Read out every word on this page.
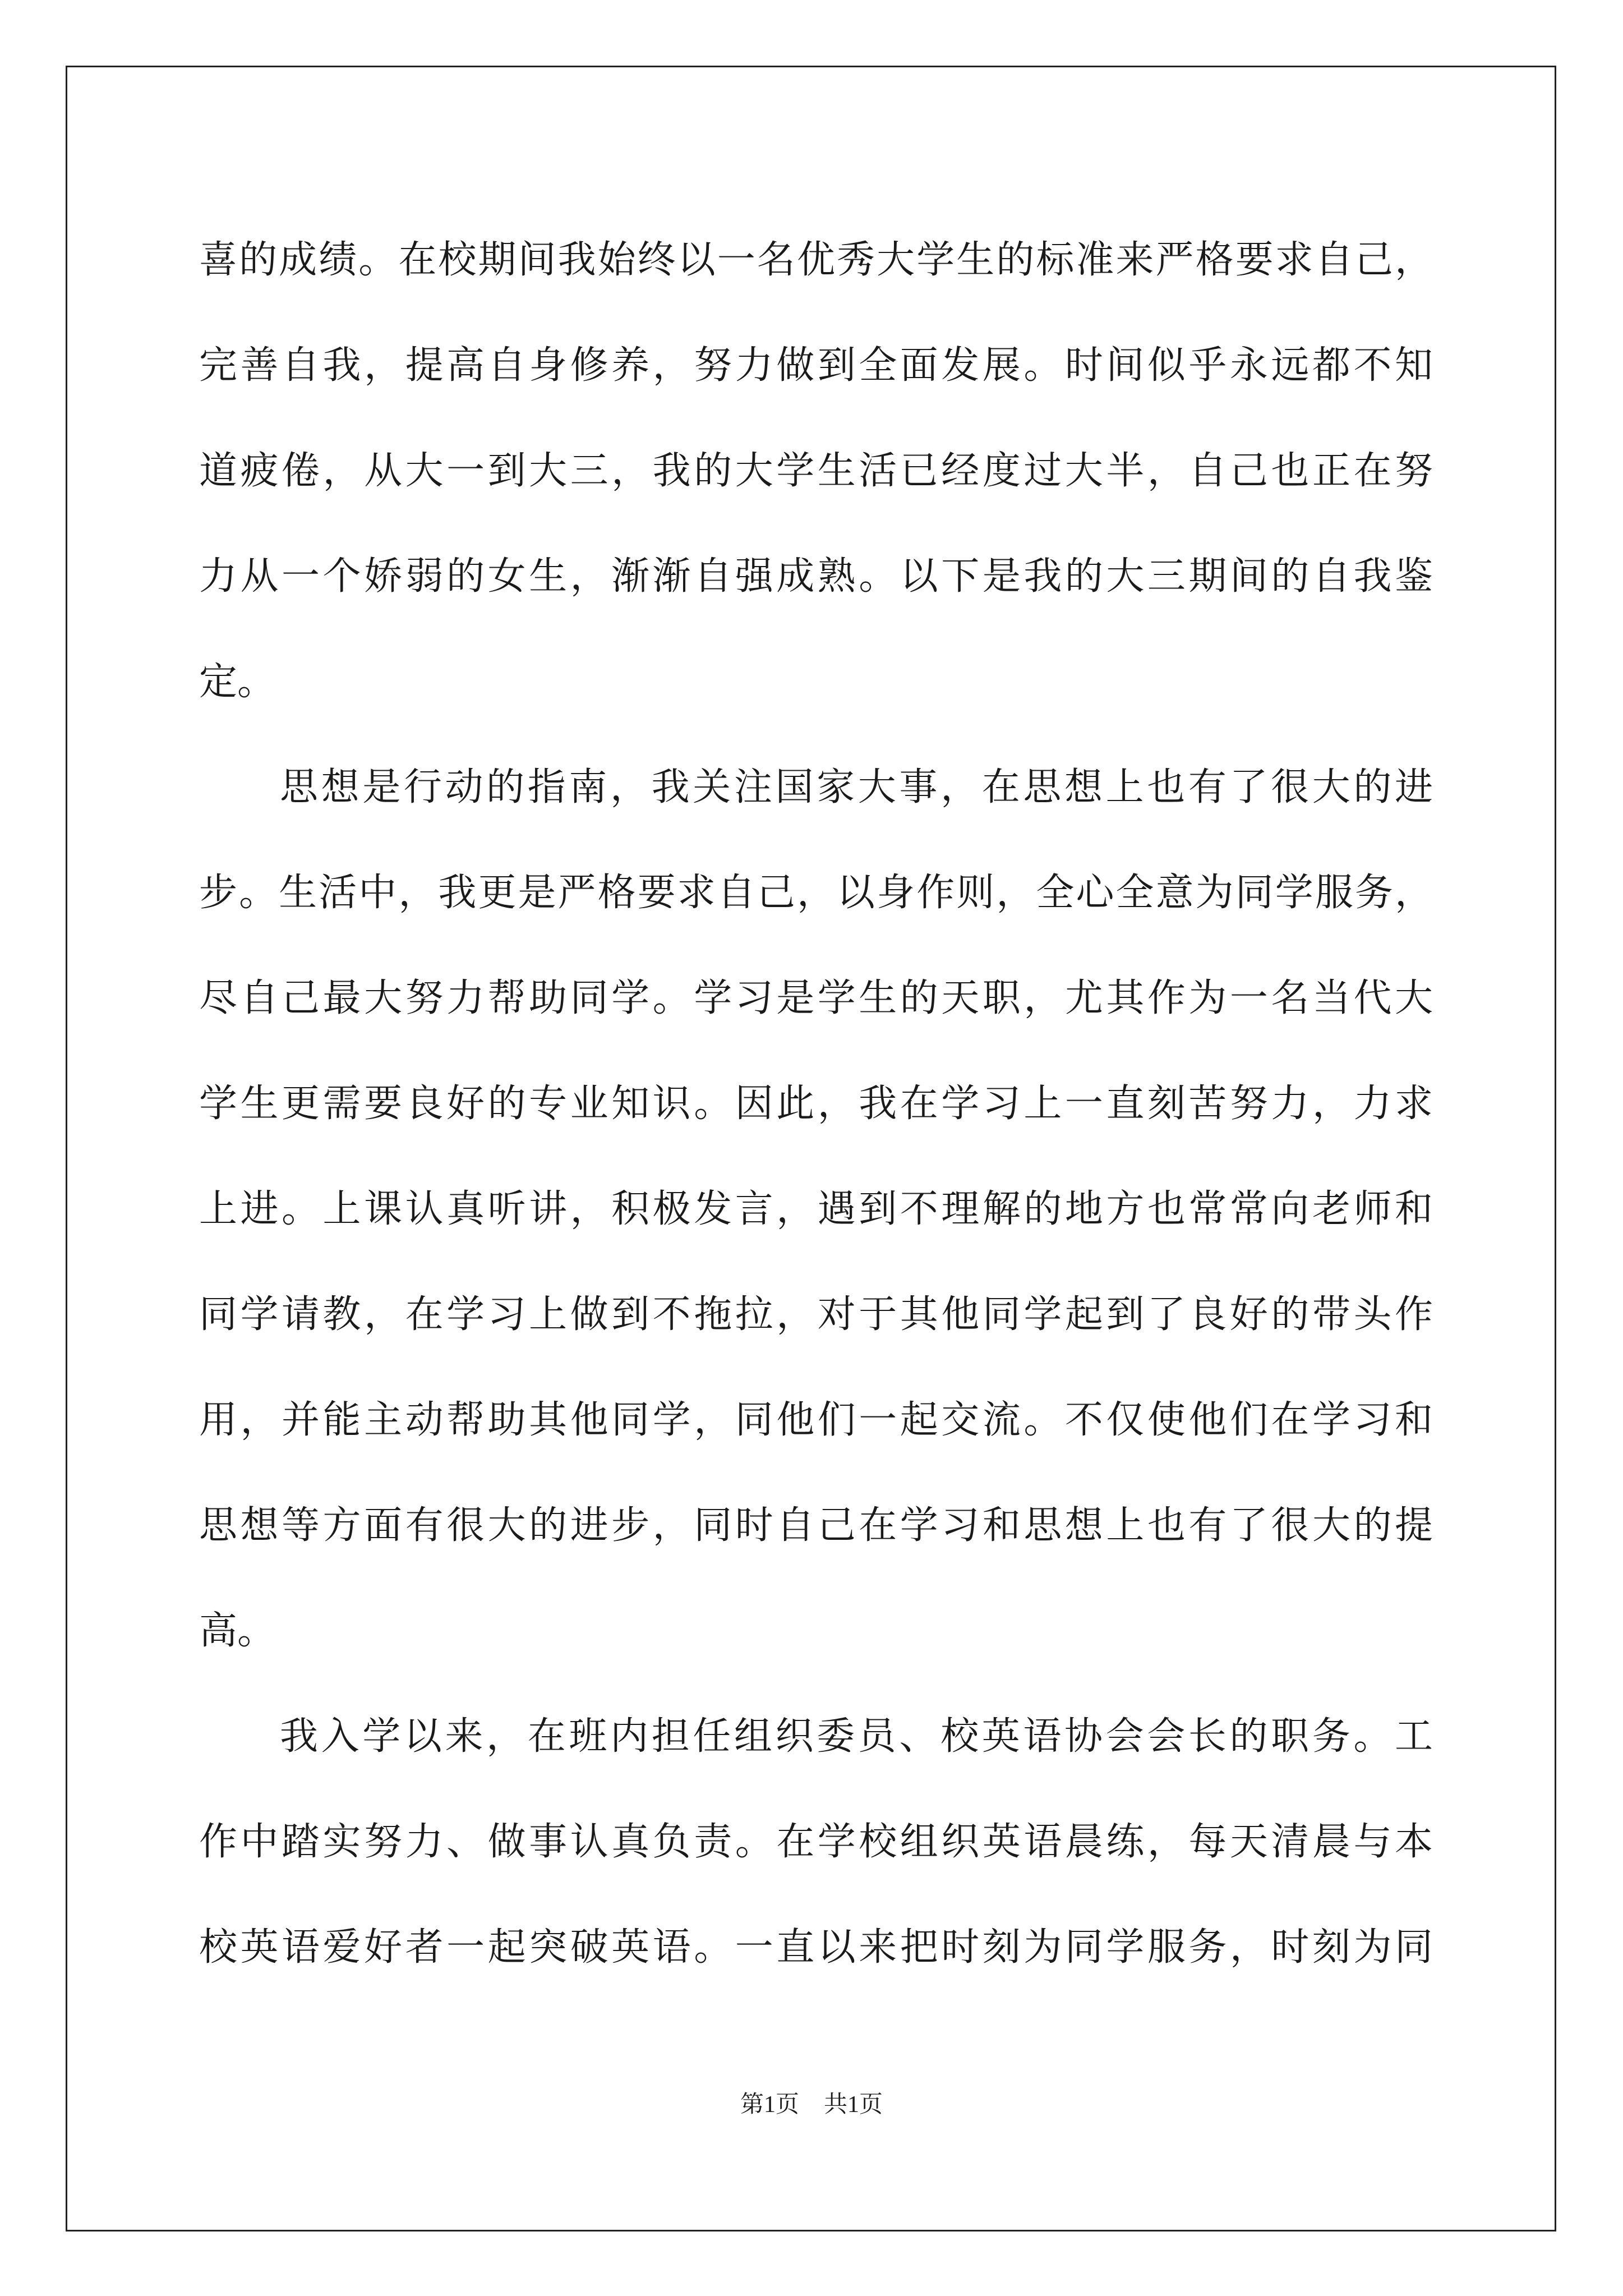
喜的成绩。在校期间我始终以一名优秀大学生的标准来严格要求自己，
完善自我，提高自身修养，努力做到全面发展。时间似乎永远都不知
道疲倦，从大一到大三，我的大学生活已经度过大半，自己也正在努
力从一个娇弱的女生，渐渐自强成熟。以下是我的大三期间的自我鉴
定。
思想是行动的指南，我关注国家大事，在思想上也有了很大的进
步。生活中，我更是严格要求自己，以身作则，全心全意为同学服务，
尽自己最大努力帮助同学。学习是学生的天职，尤其作为一名当代大
学生更需要良好的专业知识。因此，我在学习上一直刻苦努力，力求
上进。上课认真听讲，积极发言，遇到不理解的地方也常常向老师和
同学请教，在学习上做到不拖拉，对于其他同学起到了良好的带头作
用，并能主动帮助其他同学，同他们一起交流。不仅使他们在学习和
思想等方面有很大的进步，同时自己在学习和思想上也有了很大的提
高。
我入学以来，在班内担任组织委员、校英语协会会长的职务。工
作中踏实努力、做事认真负责。在学校组织英语晨练，每天清晨与本
校英语爱好者一起突破英语。一直以来把时刻为同学服务，时刻为同
第1页 共1页
